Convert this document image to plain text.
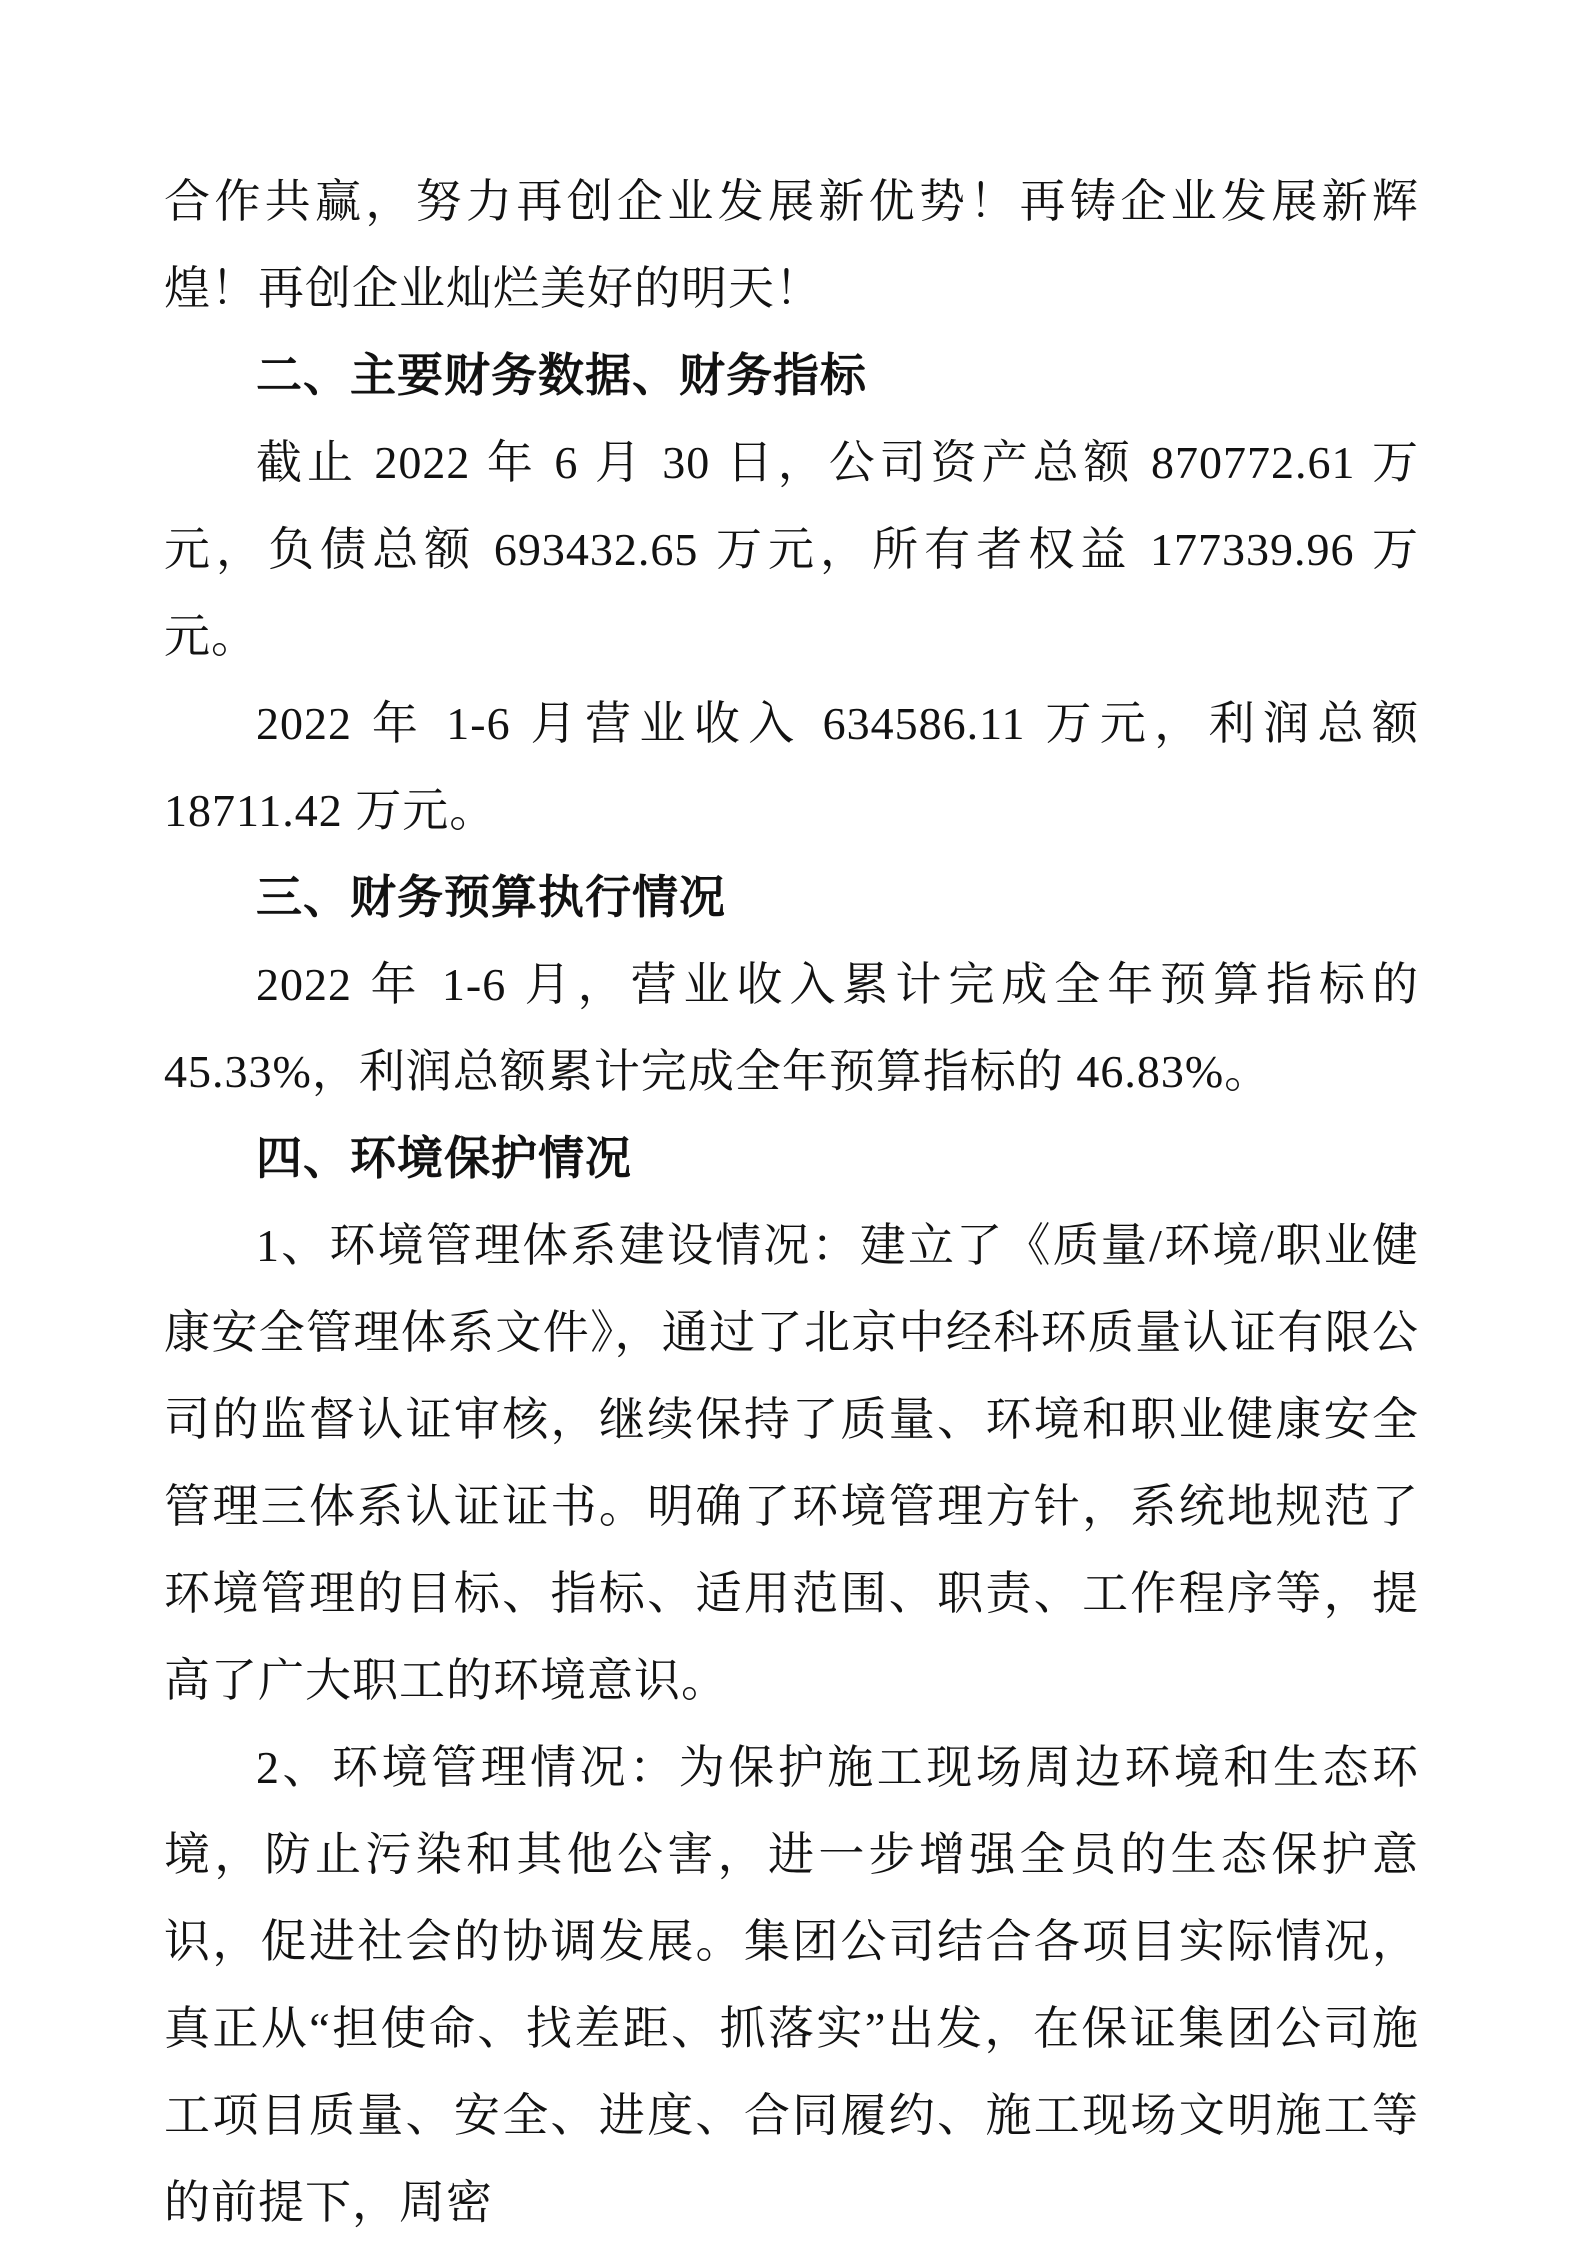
合作共赢，努力再创企业发展新优势！再铸企业发展新辉煌！再创企业灿烂美好的明天！

二、主要财务数据、财务指标

截止 2022 年 6 月 30 日，公司资产总额 870772.61 万元，负债总额 693432.65 万元，所有者权益 177339.96 万元。

2022 年 1-6 月营业收入 634586.11 万元，利润总额 18711.42 万元。

三、财务预算执行情况

2022 年 1-6 月，营业收入累计完成全年预算指标的 45.33%，利润总额累计完成全年预算指标的 46.83%。

四、环境保护情况

1、环境管理体系建设情况：建立了《质量/环境/职业健康安全管理体系文件》，通过了北京中经科环质量认证有限公司的监督认证审核，继续保持了质量、环境和职业健康安全管理三体系认证证书。明确了环境管理方针，系统地规范了环境管理的目标、指标、适用范围、职责、工作程序等，提高了广大职工的环境意识。

2、环境管理情况：为保护施工现场周边环境和生态环境，防止污染和其他公害，进一步增强全员的生态保护意识，促进社会的协调发展。集团公司结合各项目实际情况，真正从“担使命、找差距、抓落实”出发，在保证集团公司施工项目质量、安全、进度、合同履约、施工现场文明施工等的前提下，周密
